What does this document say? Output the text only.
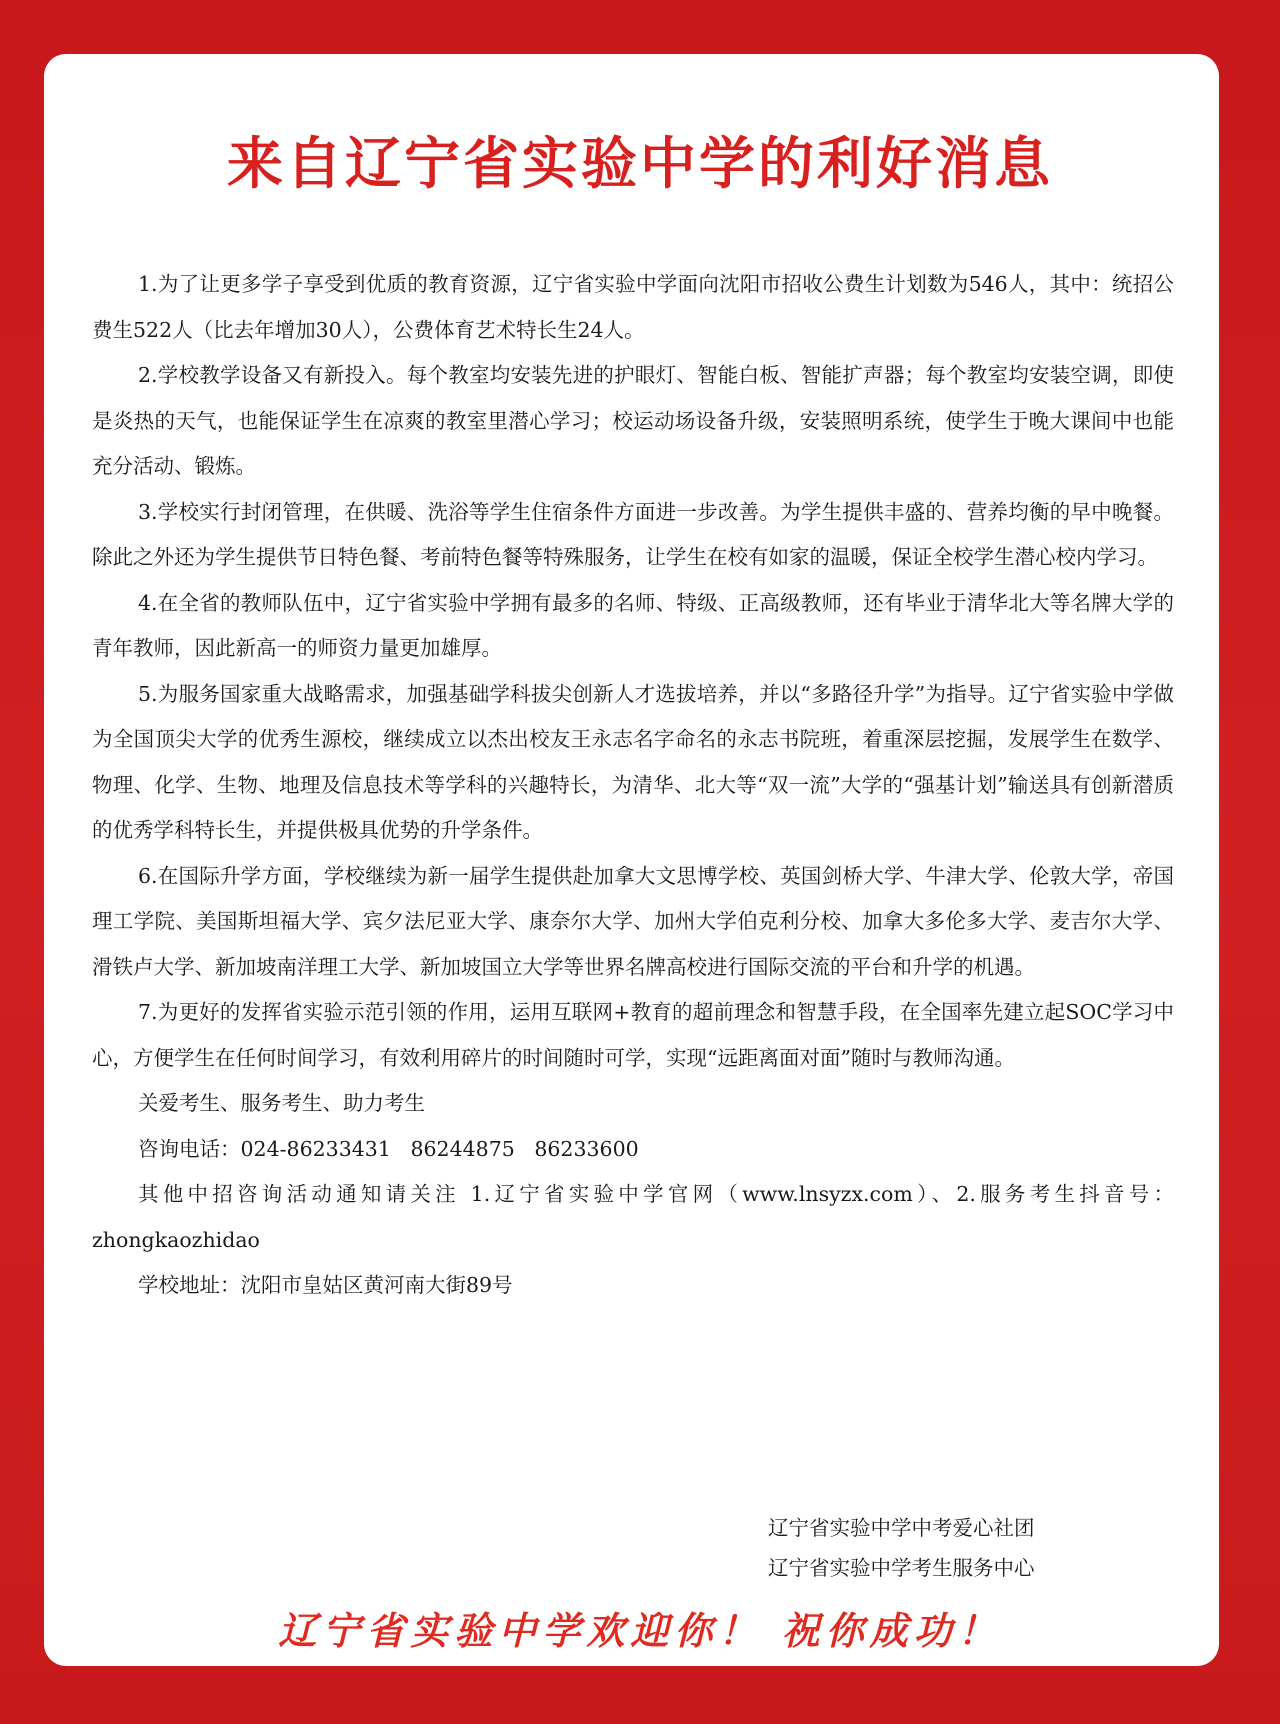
来自辽宁省实验中学的利好消息

1.为了让更多学子享受到优质的教育资源，辽宁省实验中学面向沈阳市招收公费生计划数为546人，其中：统招公费生522人（比去年增加30人），公费体育艺术特长生24人。

2.学校教学设备又有新投入。每个教室均安装先进的护眼灯、智能白板、智能扩声器；每个教室均安装空调，即使是炎热的天气，也能保证学生在凉爽的教室里潜心学习；校运动场设备升级，安装照明系统，使学生于晚大课间中也能充分活动、锻炼。

3.学校实行封闭管理，在供暖、洗浴等学生住宿条件方面进一步改善。为学生提供丰盛的、营养均衡的早中晚餐。除此之外还为学生提供节日特色餐、考前特色餐等特殊服务，让学生在校有如家的温暖，保证全校学生潜心校内学习。

4.在全省的教师队伍中，辽宁省实验中学拥有最多的名师、特级、正高级教师，还有毕业于清华北大等名牌大学的青年教师，因此新高一的师资力量更加雄厚。

5.为服务国家重大战略需求，加强基础学科拔尖创新人才选拔培养，并以“多路径升学”为指导。辽宁省实验中学做为全国顶尖大学的优秀生源校，继续成立以杰出校友王永志名字命名的永志书院班，着重深层挖掘，发展学生在数学、物理、化学、生物、地理及信息技术等学科的兴趣特长，为清华、北大等“双一流”大学的“强基计划”输送具有创新潜质的优秀学科特长生，并提供极具优势的升学条件。

6.在国际升学方面，学校继续为新一届学生提供赴加拿大文思博学校、英国剑桥大学、牛津大学、伦敦大学，帝国理工学院、美国斯坦福大学、宾夕法尼亚大学、康奈尔大学、加州大学伯克利分校、加拿大多伦多大学、麦吉尔大学、滑铁卢大学、新加坡南洋理工大学、新加坡国立大学等世界名牌高校进行国际交流的平台和升学的机遇。

7.为更好的发挥省实验示范引领的作用，运用互联网+教育的超前理念和智慧手段，在全国率先建立起SOC学习中心，方便学生在任何时间学习，有效利用碎片的时间随时可学，实现“远距离面对面”随时与教师沟通。

关爱考生、服务考生、助力考生

咨询电话：024-86233431   86244875   86233600

其他中招咨询活动通知请关注 1.辽宁省实验中学官网（www.lnsyzx.com）、2.服务考生抖音号：zhongkaozhidao

学校地址：沈阳市皇姑区黄河南大街89号

辽宁省实验中学中考爱心社团
辽宁省实验中学考生服务中心
辽宁省实验中学欢迎你！ 祝你成功！
